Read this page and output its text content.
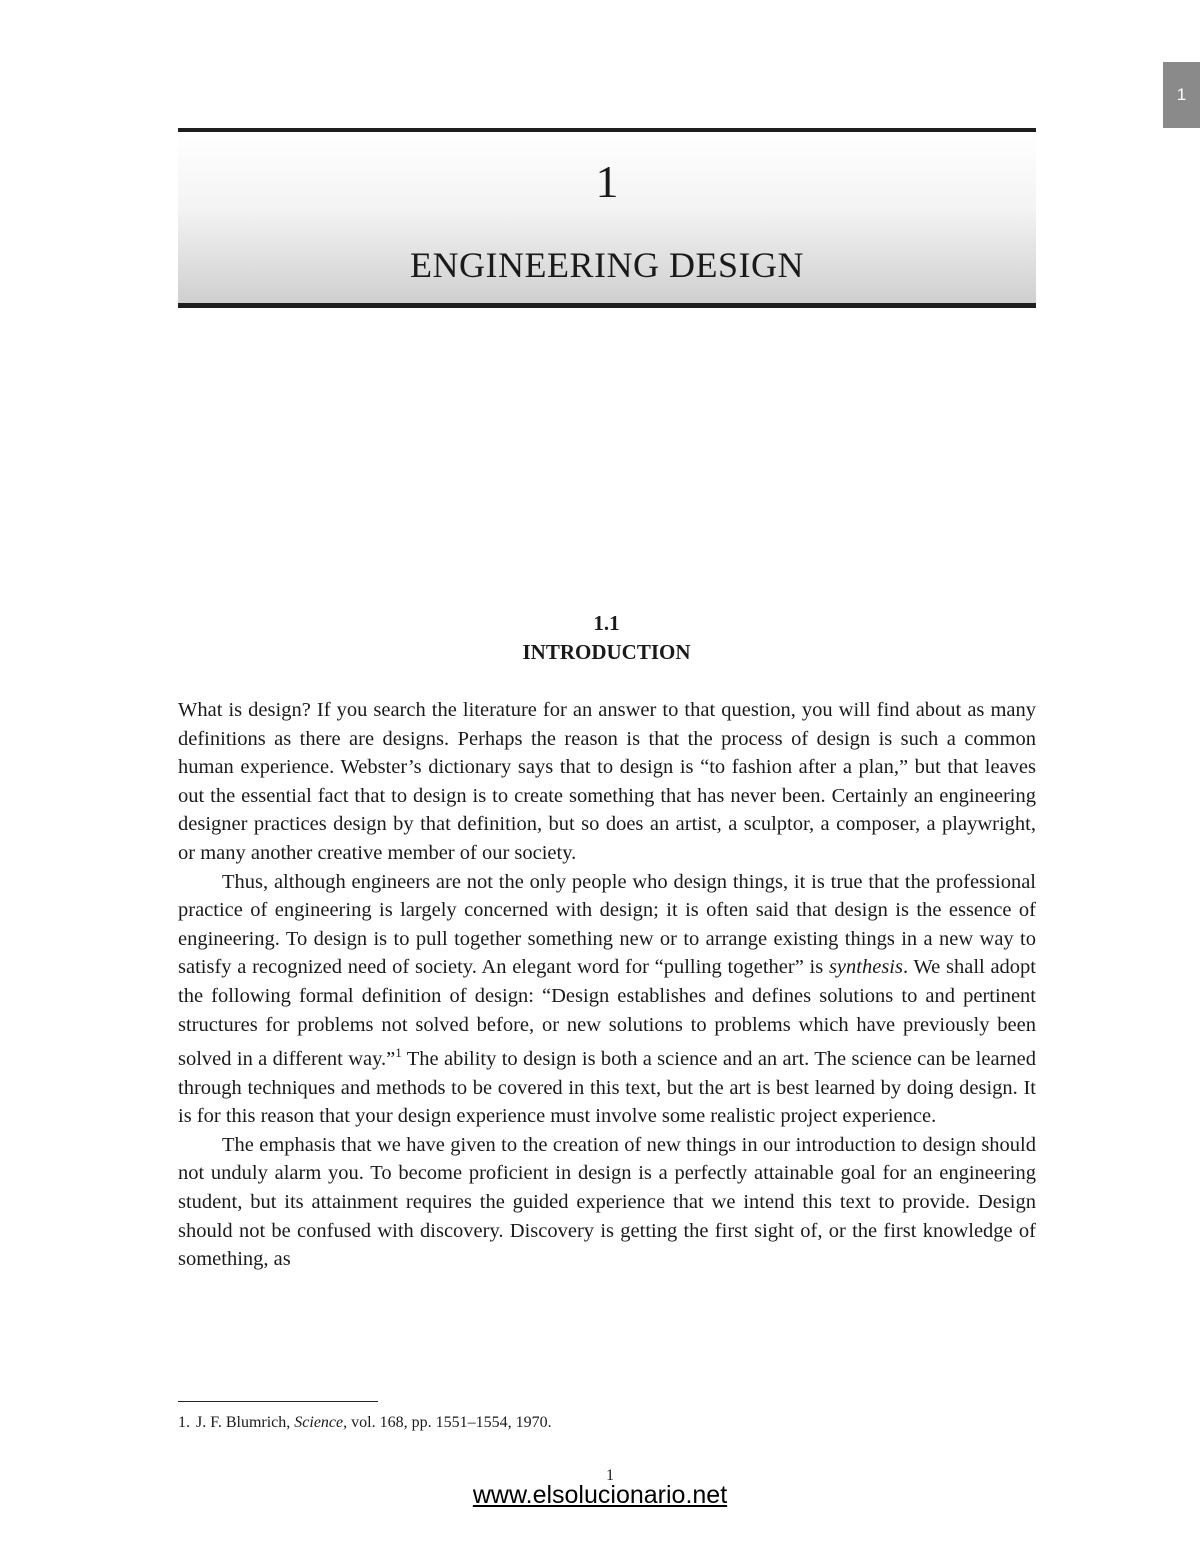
1
1
ENGINEERING DESIGN
1.1
INTRODUCTION

What is design? If you search the literature for an answer to that question, you will find about as many definitions as there are designs. Perhaps the reason is that the process of design is such a common human experience. Webster’s dictionary says that to design is “to fashion after a plan,” but that leaves out the essential fact that to design is to create something that has never been. Certainly an engineering designer practices design by that definition, but so does an artist, a sculptor, a composer, a playwright, or many another creative member of our society.

Thus, although engineers are not the only people who design things, it is true that the professional practice of engineering is largely concerned with design; it is often said that design is the essence of engineering. To design is to pull together something new or to arrange existing things in a new way to satisfy a recognized need of society. An elegant word for “pulling together” is synthesis. We shall adopt the following formal definition of design: “Design establishes and defines solutions to and pertinent structures for problems not solved before, or new solutions to problems which have previously been solved in a different way.”$^1$ The ability to design is both a science and an art. The science can be learned through techniques and methods to be covered in this text, but the art is best learned by doing design. It is for this reason that your design experience must involve some realistic project experience.

The emphasis that we have given to the creation of new things in our introduction to design should not unduly alarm you. To become proficient in design is a perfectly attainable goal for an engineering student, but its attainment requires the guided experience that we intend this text to provide. Design should not be confused with discovery. Discovery is getting the first sight of, or the first knowledge of something, as

1. J. F. Blumrich, Science, vol. 168, pp. 1551–1554, 1970.
1
www.elsolucionario.net
